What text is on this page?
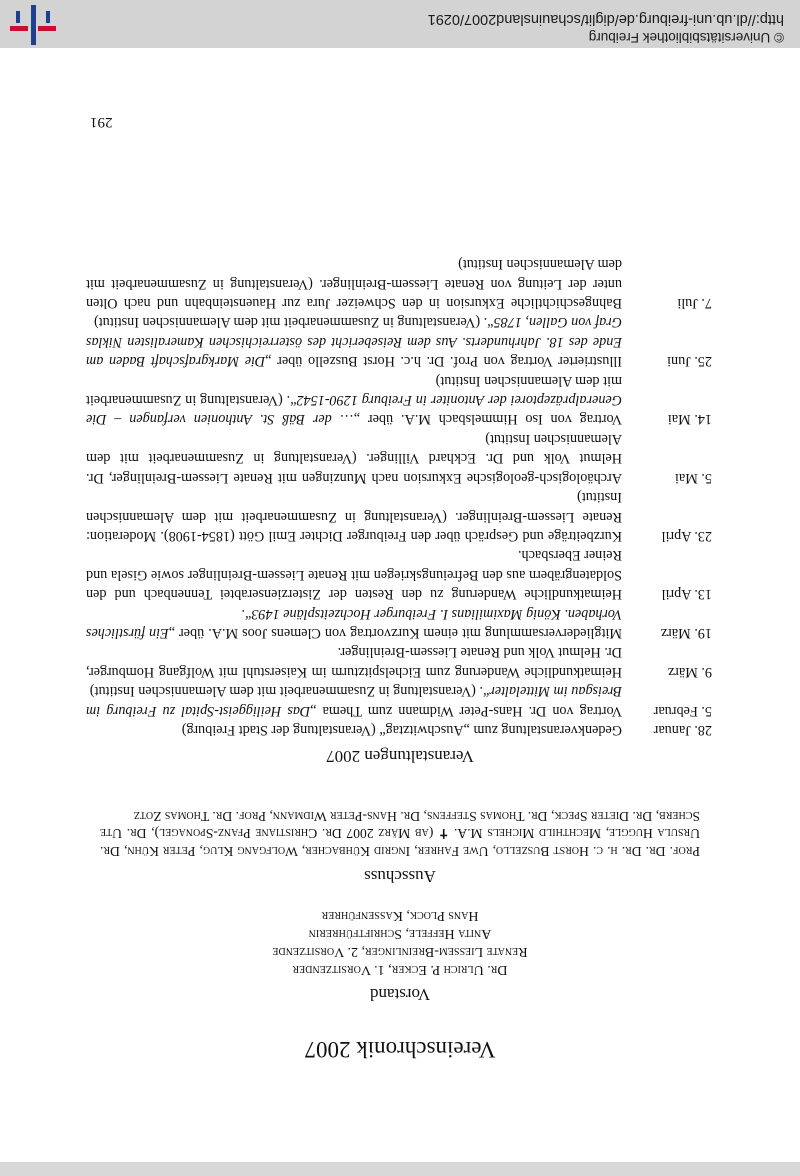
Vereinschronik 2007
Vorstand
Dr. Ulrich P. Ecker, 1. Vorsitzender
Renate Liessem-Breinlinger, 2. Vorsitzende
Anita Heffele, Schriftführerin
Hans Plock, Kassenführer
Ausschuss
Prof. Dr. Dr. h. c. Horst Buszello, Uwe Fahrer, Ingrid Kühbacher, Wolfgang Klug, Peter Kühn, Dr. Ursula Huggle, Mechthild Michels M.A. ✝ (ab März 2007 Dr. Christiane Pfanz-Sponagel), Dr. Ute Scherb, Dr. Dieter Speck, Dr. Thomas Steffens, Dr. Hans-Peter Widmann, Prof. Dr. Thomas Zotz
Veranstaltungen 2007
28. Januar
Gedenkveranstaltung zum „Auschwitztag“ (Veranstaltung der Stadt Freiburg)
5. Februar
Vortrag von Dr. Hans-Peter Widmann zum Thema „Das Heiliggeist-Spital zu Freiburg im Breisgau im Mittelalter“. (Veranstaltung in Zusammenarbeit mit dem Alemannischen Institut)
9. März
Heimatkundliche Wanderung zum Eichelspitzturm im Kaiserstuhl mit Wolfgang Homburger, Dr. Helmut Volk und Renate Liessem-Breinlinger.
19. März
Mitgliederversammlung mit einem Kurzvortrag von Clemens Joos M.A. über „Ein fürstliches Vorhaben. König Maximilians I. Freiburger Hochzeitspläne 1493“.
13. April
Heimatkundliche Wanderung zu den Resten der Zisterzienserabtei Tennenbach und den Soldatengräbern aus den Befreiungskriegen mit Renate Liessem-Breinlinger sowie Gisela und Reiner Ebersbach.
23. April
Kurzbeiträge und Gespräch über den Freiburger Dichter Emil Gött (1854-1908). Moderation: Renate Liessem-Breinlinger. (Veranstaltung in Zusammenarbeit mit dem Alemannischen Institut)
5. Mai
Archäologisch-geologische Exkursion nach Munzingen mit Renate Liessem-Breinlinger, Dr. Helmut Volk und Dr. Eckhard Villinger. (Veranstaltung in Zusammenarbeit mit dem Alemannischen Institut)
14. Mai
Vortrag von Iso Himmelsbach M.A. über „… der Bäß St. Anthonien verfangen – Die Generalpräzeptorei der Antoniter in Freiburg 1290-1542“. (Veranstaltung in Zusammenarbeit mit dem Alemannischen Institut)
25. Juni
Illustrierter Vortrag von Prof. Dr. h.c. Horst Buszello über „Die Markgrafschaft Baden am Ende des 18. Jahrhunderts. Aus dem Reisebericht des österreichischen Kameralisten Niklas Graf von Gallen, 1785“. (Veranstaltung in Zusammenarbeit mit dem Alemannischen Institut)
7. Juli
Bahngeschichtliche Exkursion in den Schweizer Jura zur Hauensteinbahn und nach Olten unter der Leitung von Renate Liessem-Breinlinger. (Veranstaltung in Zusammenarbeit mit dem Alemannischen Institut)
291
© Universitätsbibliothek Freiburg
http://dl.ub.uni-freiburg.de/diglit/schauinsland2007/0291
